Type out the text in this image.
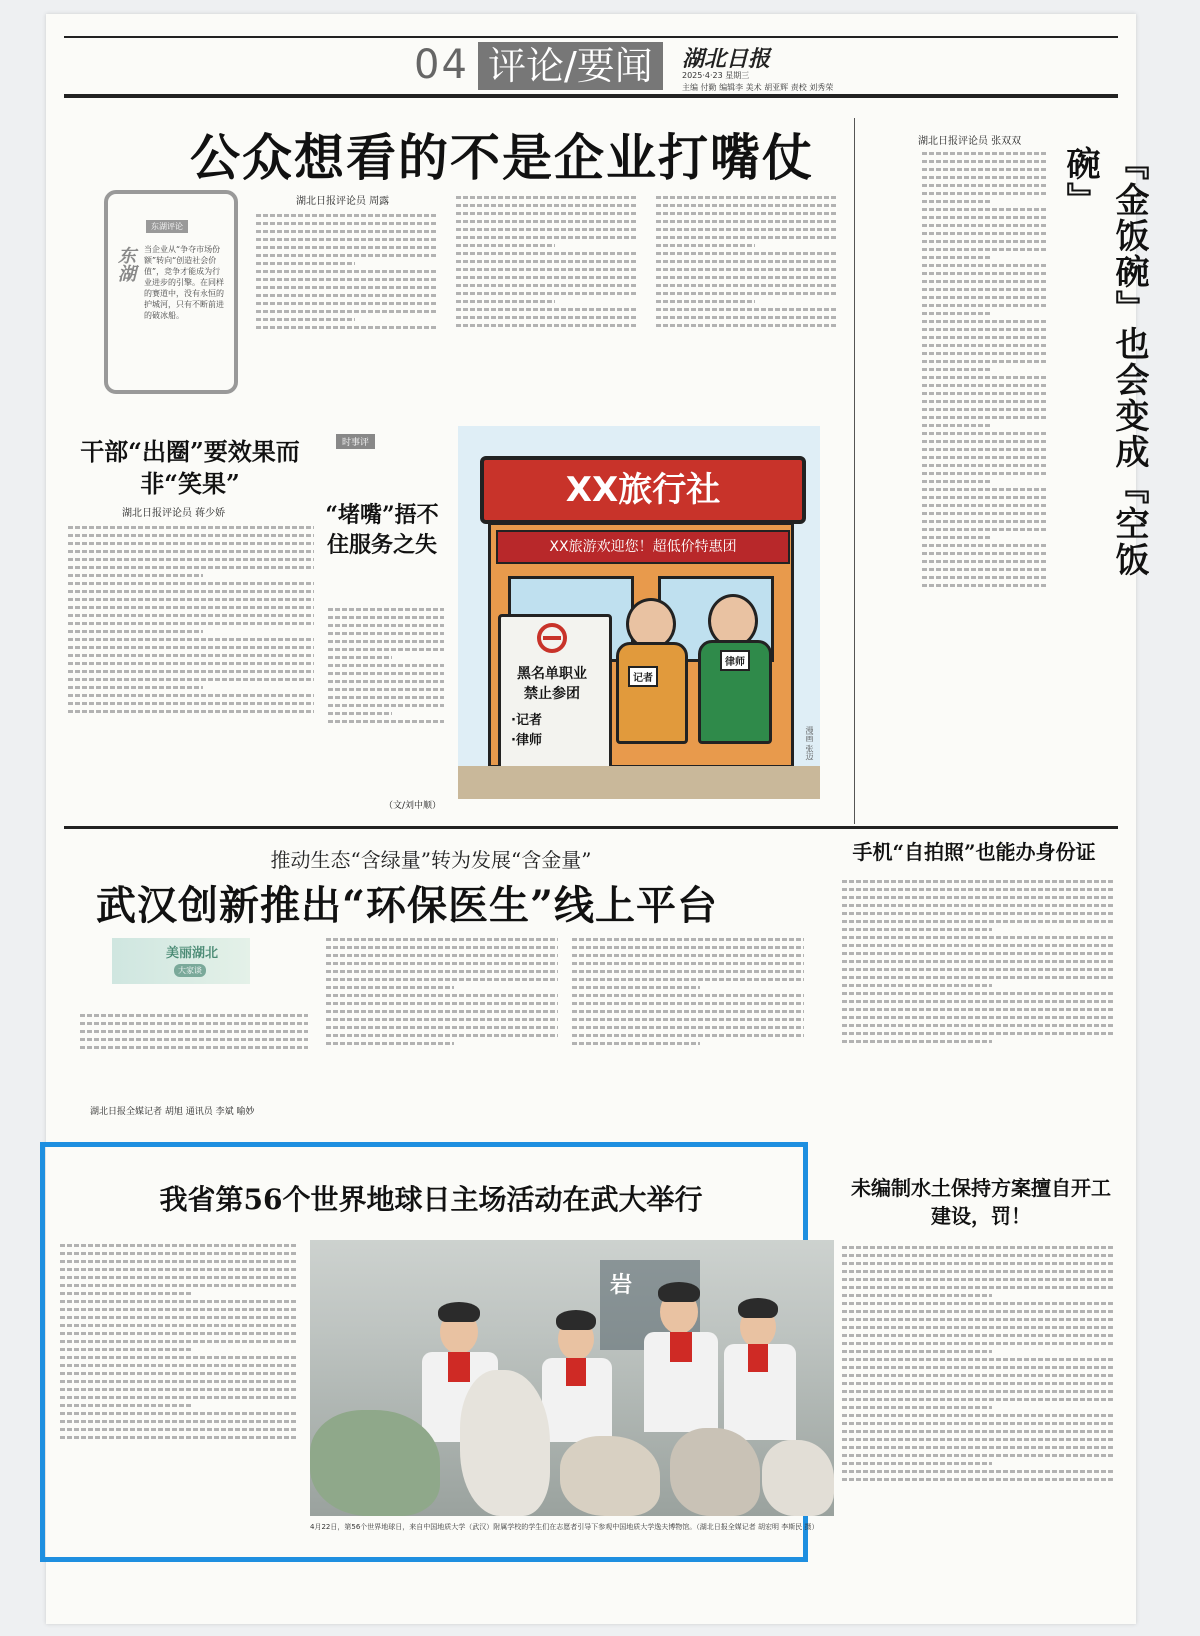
04 评论/要闻	湖北日报
2025·4·23 星期三
主编 付勤 编辑李 美术 胡亚辉 责校 刘秀荣
公众想看的不是企业打嘴仗
东湖评论
东湖 当企业从“争夺市场份额”转向“创造社会价值”，竞争才能成为行业进步的引擎。在同样的赛道中，没有永恒的护城河，只有不断前进的破冰船。
湖北日报评论员 周露
干部“出圈”要效果而非“笑果”
湖北日报评论员 蒋少娇
时事评
“堵嘴”捂不住服务之失
（文/刘中顺）
XX旅行社
XX旅游欢迎您！超低价特惠团
黑名单职业
禁止参团
·记者
·律师
记者
律师
漫画 张迈
湖北日报评论员 张双双
『金饭碗』也会变成『空饭碗』
推动生态“含绿量”转为发展“含金量”
武汉创新推出“环保医生”线上平台
美丽湖北
大家谈
湖北日报全媒记者 胡旭 通讯员 李斌 喻妙
手机“自拍照”也能办身份证
我省第56个世界地球日主场活动在武大举行
岩
4月22日，第56个世界地球日，来自中国地质大学（武汉）附属学校的学生们在志愿者引导下参观中国地质大学逸夫博物馆。（湖北日报全媒记者 胡宏明 李斯民 摄）
未编制水土保持方案擅自开工建设，罚！
